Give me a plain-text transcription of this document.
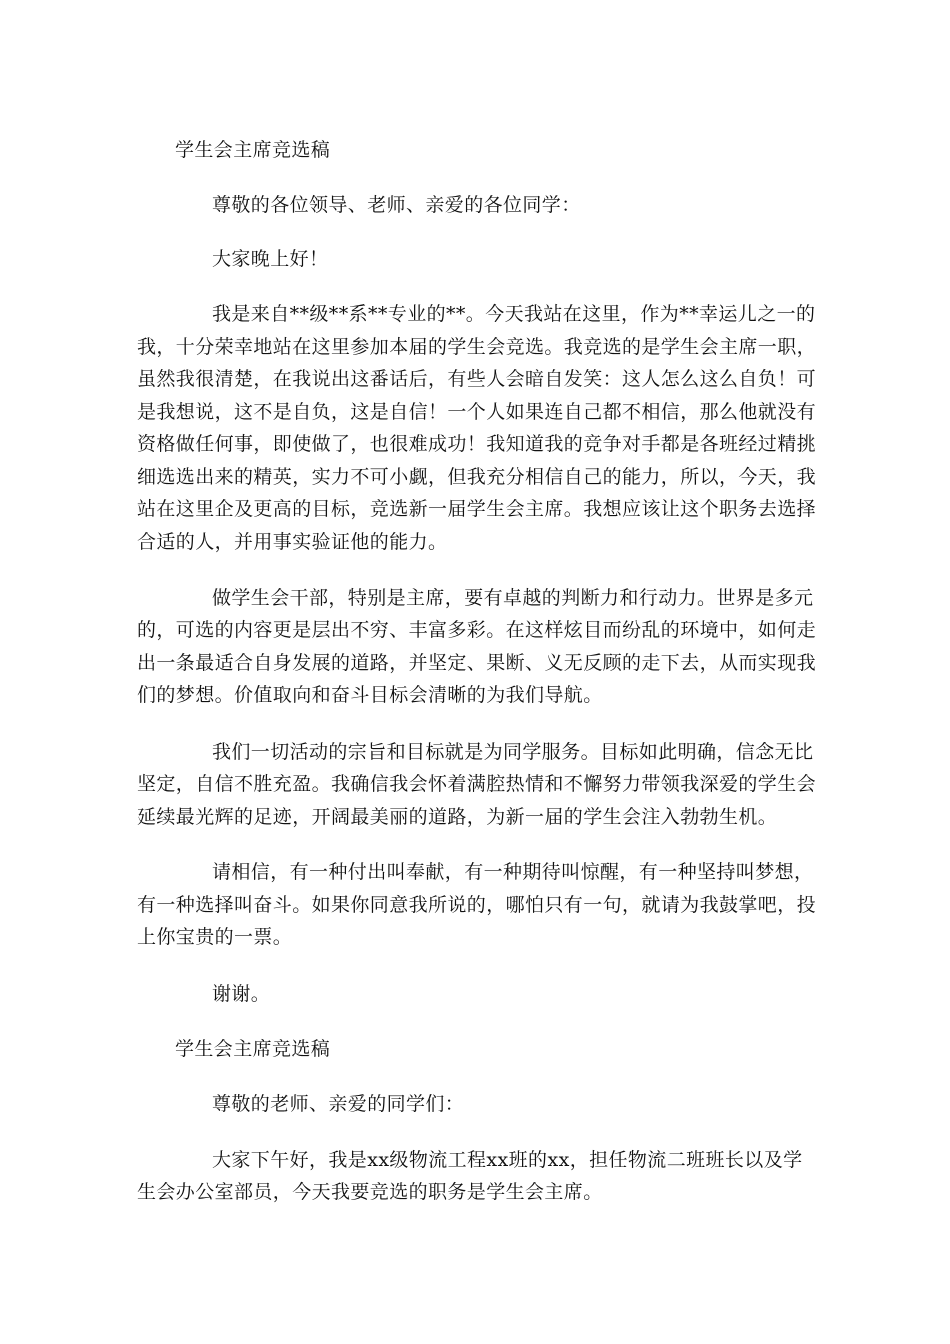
学生会主席竞选稿
尊敬的各位领导、老师、亲爱的各位同学：
大家晚上好！
我是来自**级**系**专业的**。今天我站在这里，作为**幸运儿之一的
我，十分荣幸地站在这里参加本届的学生会竞选。我竞选的是学生会主席一职，
虽然我很清楚，在我说出这番话后，有些人会暗自发笑：这人怎么这么自负！可
是我想说，这不是自负，这是自信！一个人如果连自己都不相信，那么他就没有
资格做任何事，即使做了，也很难成功！我知道我的竞争对手都是各班经过精挑
细选选出来的精英，实力不可小觑，但我充分相信自己的能力，所以，今天，我
站在这里企及更高的目标，竞选新一届学生会主席。我想应该让这个职务去选择
合适的人，并用事实验证他的能力。
做学生会干部，特别是主席，要有卓越的判断力和行动力。世界是多元
的，可选的内容更是层出不穷、丰富多彩。在这样炫目而纷乱的环境中，如何走
出一条最适合自身发展的道路，并坚定、果断、义无反顾的走下去，从而实现我
们的梦想。价值取向和奋斗目标会清晰的为我们导航。
我们一切活动的宗旨和目标就是为同学服务。目标如此明确，信念无比
坚定，自信不胜充盈。我确信我会怀着满腔热情和不懈努力带领我深爱的学生会
延续最光辉的足迹，开阔最美丽的道路，为新一届的学生会注入勃勃生机。
请相信，有一种付出叫奉献，有一种期待叫惊醒，有一种坚持叫梦想，
有一种选择叫奋斗。如果你同意我所说的，哪怕只有一句，就请为我鼓掌吧，投
上你宝贵的一票。
谢谢。
学生会主席竞选稿
尊敬的老师、亲爱的同学们：
大家下午好，我是xx级物流工程xx班的xx，担任物流二班班长以及学
生会办公室部员，今天我要竞选的职务是学生会主席。
